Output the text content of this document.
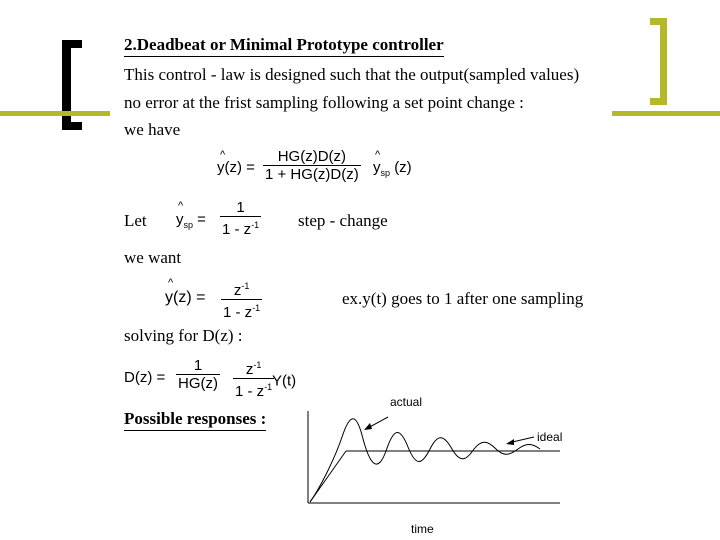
2.Deadbeat or Minimal Prototype controller
This control - law is designed such that the output(sampled values)
no error at the frist sampling following a set point change :
we have
^
y(z) =
HG(z)D(z)
1 + HG(z)D(z)
^
$y_{sp}$ (z)
Let
^
$y_{sp}$ =
1
$1 - z^{-1}$ step - change
we want
^
$y(z) = z^{-1}$
$1 - z^{-1}$	ex.y(t) goes to 1 after one sampling
solving for D(z) :
D(z) =
1
HG(z)
$z^{-1}$
$1 - z^{-1}$
Possible responses :
Y(t)
actual
ideal
time
